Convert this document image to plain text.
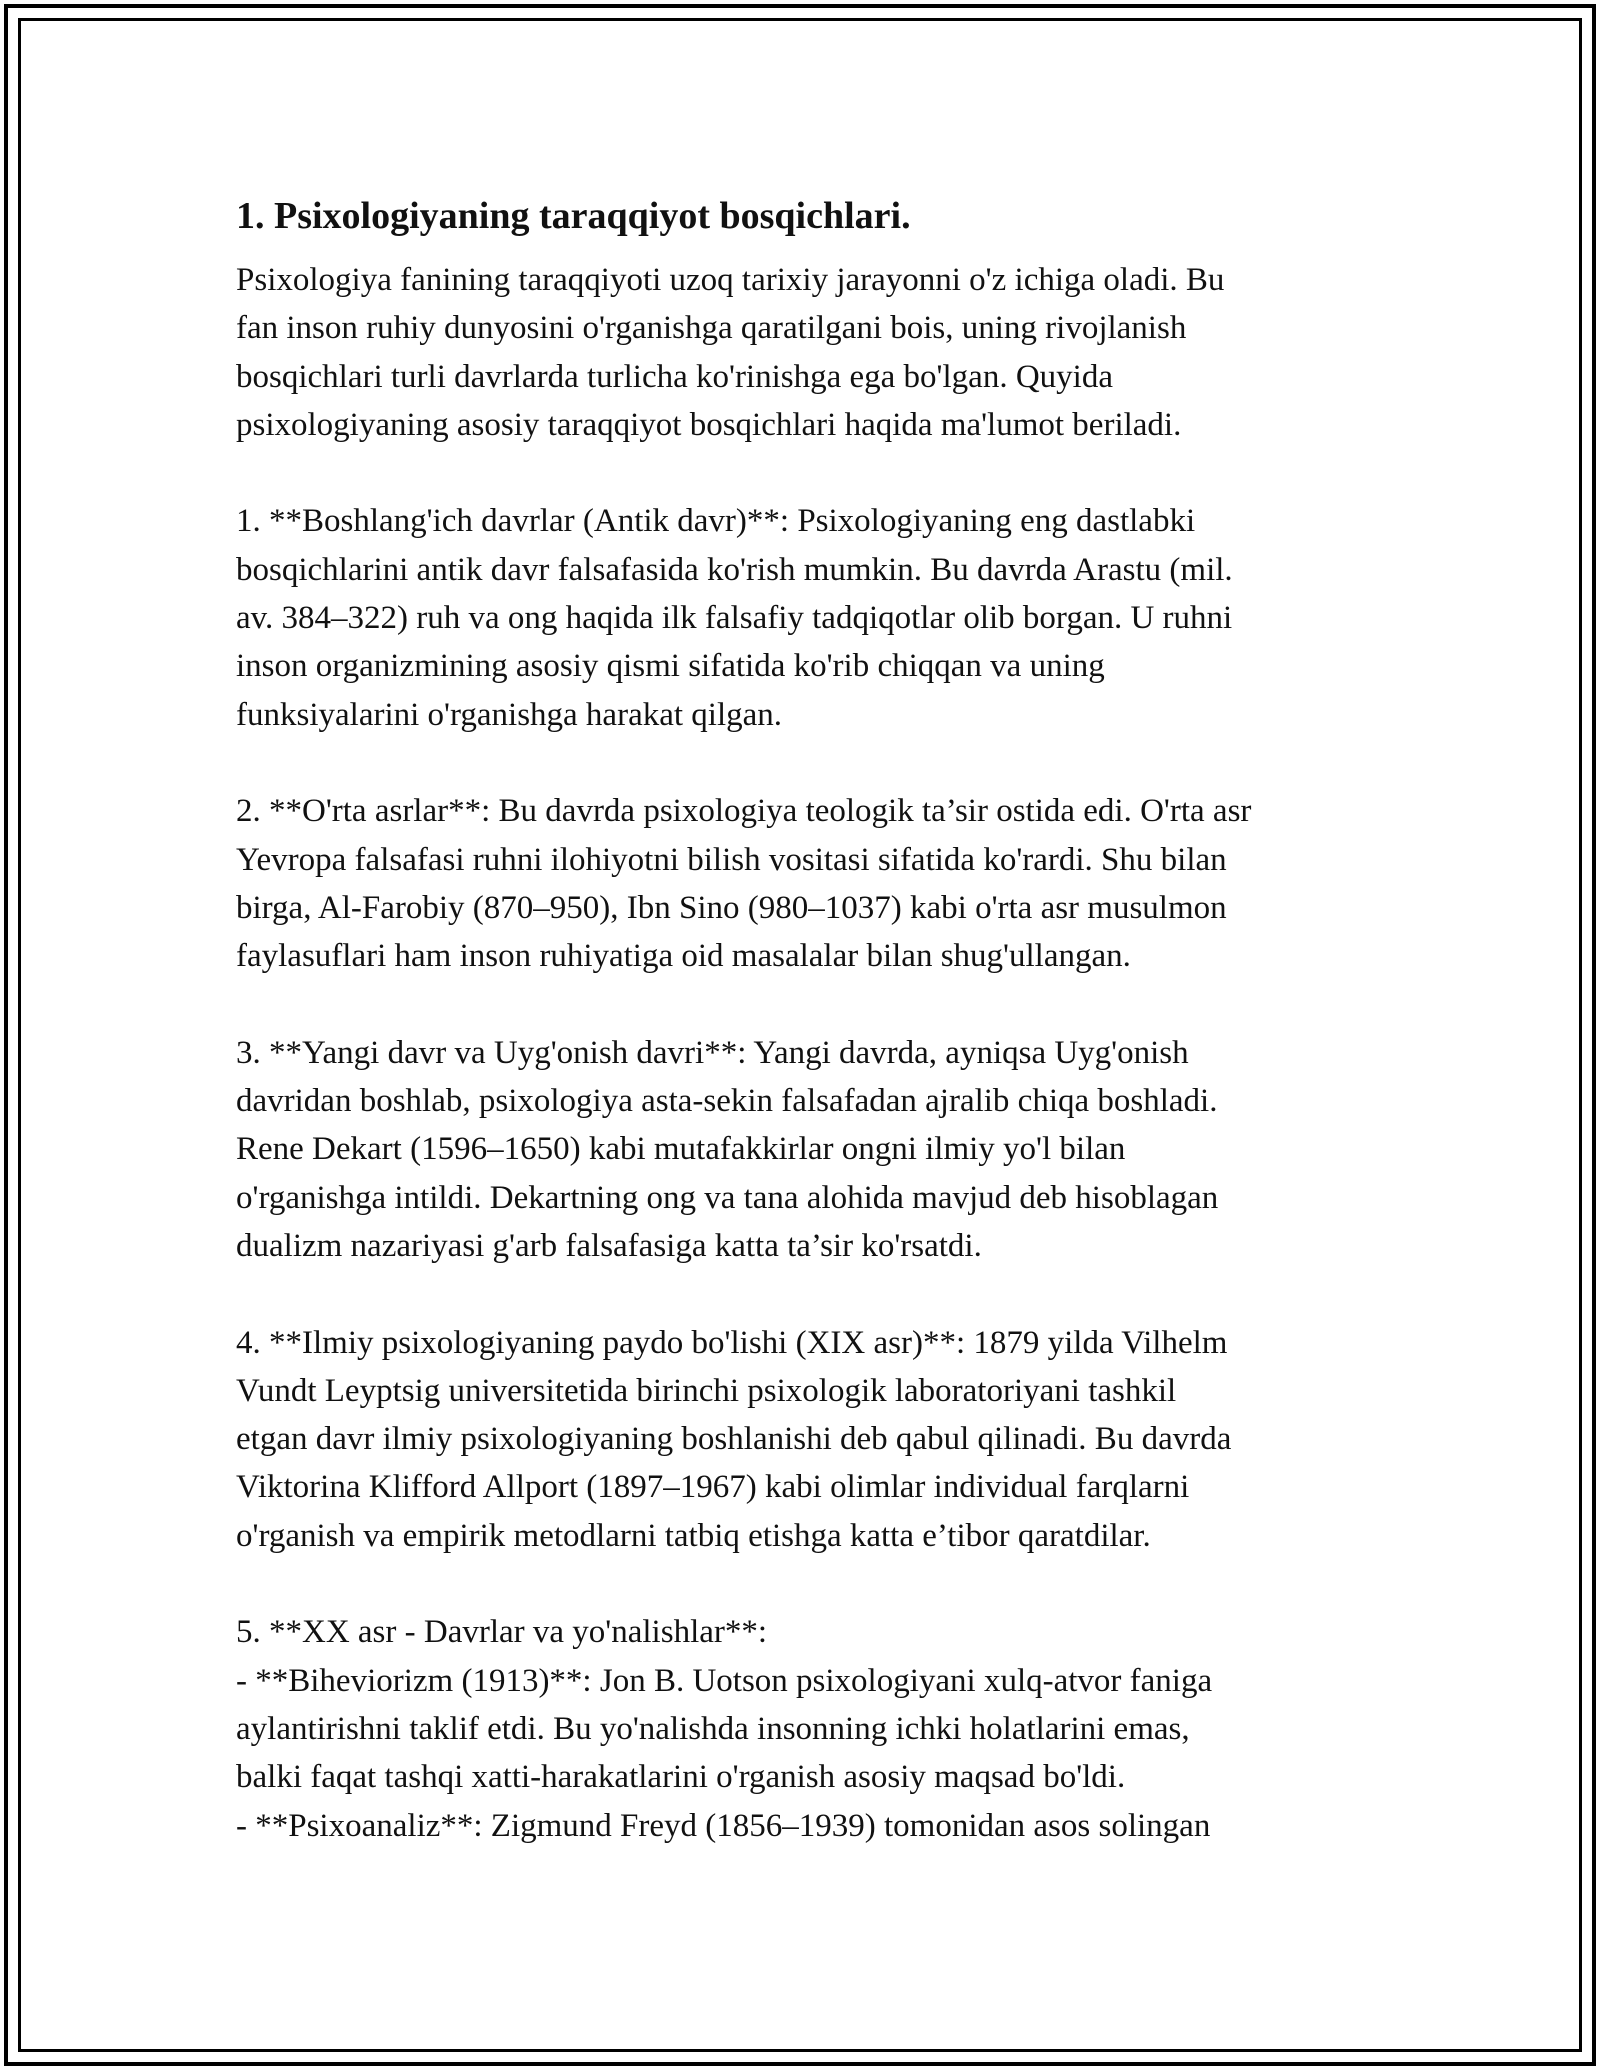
1. Psixologiyaning taraqqiyot bosqichlari.

Psixologiya fanining taraqqiyoti uzoq tarixiy jarayonni o'z ichiga oladi. Bu
fan inson ruhiy dunyosini o'rganishga qaratilgani bois, uning rivojlanish
bosqichlari turli davrlarda turlicha ko'rinishga ega bo'lgan. Quyida
psixologiyaning asosiy taraqqiyot bosqichlari haqida ma'lumot beriladi.

1. **Boshlang'ich davrlar (Antik davr)**: Psixologiyaning eng dastlabki
bosqichlarini antik davr falsafasida ko'rish mumkin. Bu davrda Arastu (mil.
av. 384–322) ruh va ong haqida ilk falsafiy tadqiqotlar olib borgan. U ruhni
inson organizmining asosiy qismi sifatida ko'rib chiqqan va uning
funksiyalarini o'rganishga harakat qilgan.

2. **O'rta asrlar**: Bu davrda psixologiya teologik ta’sir ostida edi. O'rta asr
Yevropa falsafasi ruhni ilohiyotni bilish vositasi sifatida ko'rardi. Shu bilan
birga, Al-Farobiy (870–950), Ibn Sino (980–1037) kabi o'rta asr musulmon
faylasuflari ham inson ruhiyatiga oid masalalar bilan shug'ullangan.

3. **Yangi davr va Uyg'onish davri**: Yangi davrda, ayniqsa Uyg'onish
davridan boshlab, psixologiya asta-sekin falsafadan ajralib chiqa boshladi.
Rene Dekart (1596–1650) kabi mutafakkirlar ongni ilmiy yo'l bilan
o'rganishga intildi. Dekartning ong va tana alohida mavjud deb hisoblagan
dualizm nazariyasi g'arb falsafasiga katta ta’sir ko'rsatdi.

4. **Ilmiy psixologiyaning paydo bo'lishi (XIX asr)**: 1879 yilda Vilhelm
Vundt Leyptsig universitetida birinchi psixologik laboratoriyani tashkil
etgan davr ilmiy psixologiyaning boshlanishi deb qabul qilinadi. Bu davrda
Viktorina Klifford Allport (1897–1967) kabi olimlar individual farqlarni
o'rganish va empirik metodlarni tatbiq etishga katta e’tibor qaratdilar.

5. **XX asr - Davrlar va yo'nalishlar**:
- **Biheviorizm (1913)**: Jon B. Uotson psixologiyani xulq-atvor faniga
aylantirishni taklif etdi. Bu yo'nalishda insonning ichki holatlarini emas,
balki faqat tashqi xatti-harakatlarini o'rganish asosiy maqsad bo'ldi.
- **Psixoanaliz**: Zigmund Freyd (1856–1939) tomonidan asos solingan
